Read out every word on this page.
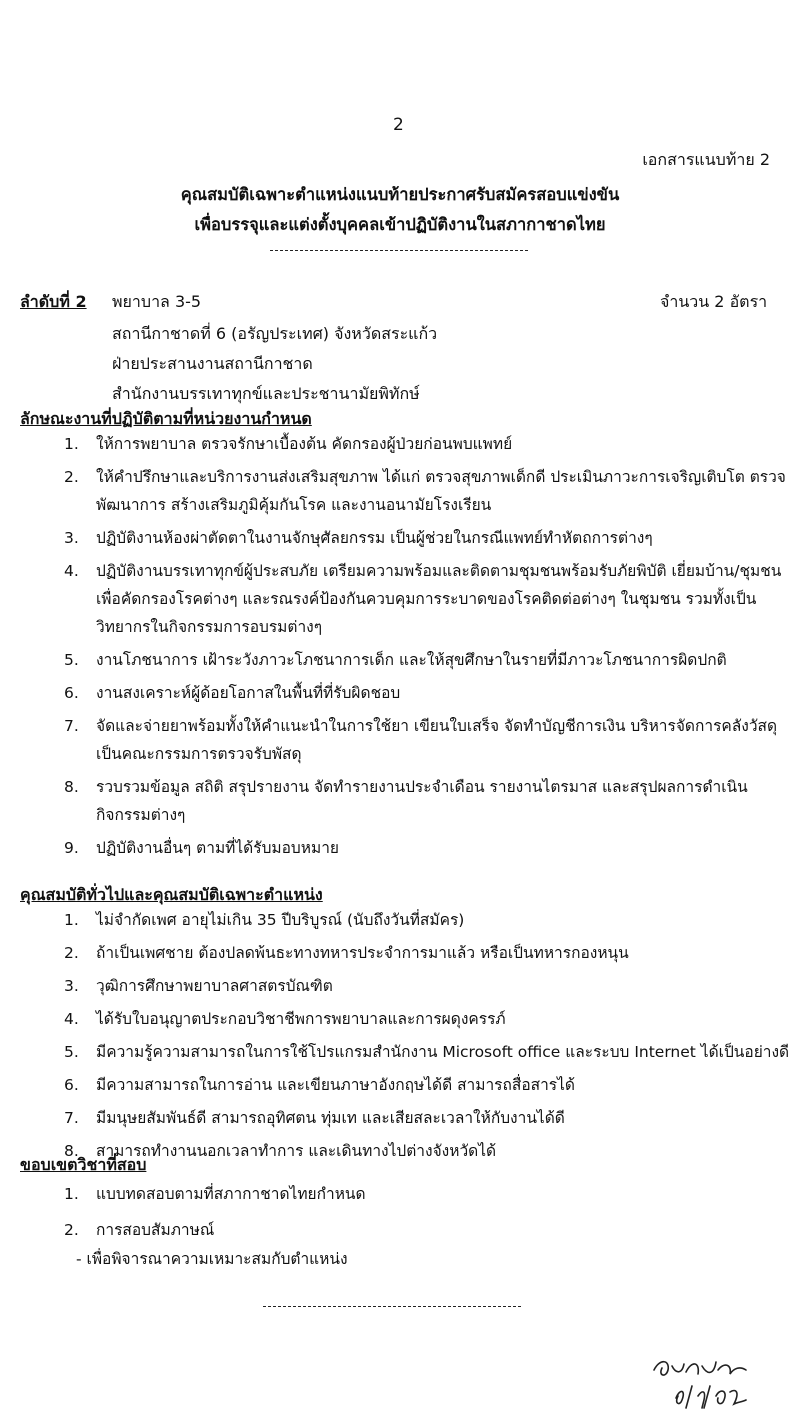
2
เอกสารแนบท้าย 2
คุณสมบัติเฉพาะตำแหน่งแนบท้ายประกาศรับสมัครสอบแข่งขัน
เพื่อบรรจุและแต่งตั้งบุคคลเข้าปฏิบัติงานในสภากาชาดไทย
ลำดับที่ 2 พยาบาล 3-5	จำนวน 2 อัตรา
สถานีกาชาดที่ 6 (อรัญประเทศ) จังหวัดสระแก้ว
ฝ่ายประสานงานสถานีกาชาด
สำนักงานบรรเทาทุกข์และประชานามัยพิทักษ์
ลักษณะงานที่ปฏิบัติตามที่หน่วยงานกำหนด
1. ให้การพยาบาล ตรวจรักษาเบื้องต้น คัดกรองผู้ป่วยก่อนพบแพทย์
2. ให้คำปรึกษาและบริการงานส่งเสริมสุขภาพ ได้แก่ ตรวจสุขภาพเด็กดี ประเมินภาวะการเจริญเติบโต ตรวจพัฒนาการ สร้างเสริมภูมิคุ้มกันโรค และงานอนามัยโรงเรียน
3. ปฏิบัติงานห้องผ่าตัดตาในงานจักษุศัลยกรรม เป็นผู้ช่วยในกรณีแพทย์ทำหัตถการต่างๆ
4. ปฏิบัติงานบรรเทาทุกข์ผู้ประสบภัย เตรียมความพร้อมและติดตามชุมชนพร้อมรับภัยพิบัติ เยี่ยมบ้าน/ชุมชน เพื่อคัดกรองโรคต่างๆ และรณรงค์ป้องกันควบคุมการระบาดของโรคติดต่อต่างๆ ในชุมชน รวมทั้งเป็นวิทยากรในกิจกรรมการอบรมต่างๆ
5. งานโภชนาการ เฝ้าระวังภาวะโภชนาการเด็ก และให้สุขศึกษาในรายที่มีภาวะโภชนาการผิดปกติ
6. งานสงเคราะห์ผู้ด้อยโอกาสในพื้นที่ที่รับผิดชอบ
7. จัดและจ่ายยาพร้อมทั้งให้คำแนะนำในการใช้ยา เขียนใบเสร็จ จัดทำบัญชีการเงิน บริหารจัดการคลังวัสดุ เป็นคณะกรรมการตรวจรับพัสดุ
8. รวบรวมข้อมูล สถิติ สรุปรายงาน จัดทำรายงานประจำเดือน รายงานไตรมาส และสรุปผลการดำเนินกิจกรรมต่างๆ
9. ปฏิบัติงานอื่นๆ ตามที่ได้รับมอบหมาย
คุณสมบัติทั่วไปและคุณสมบัติเฉพาะตำแหน่ง
1. ไม่จำกัดเพศ อายุไม่เกิน 35 ปีบริบูรณ์ (นับถึงวันที่สมัคร)
2. ถ้าเป็นเพศชาย ต้องปลดพ้นธะทางทหารประจำการมาแล้ว หรือเป็นทหารกองหนุน
3. วุฒิการศึกษาพยาบาลศาสตรบัณฑิต
4. ได้รับใบอนุญาตประกอบวิชาชีพการพยาบาลและการผดุงครรภ์
5. มีความรู้ความสามารถในการใช้โปรแกรมสำนักงาน Microsoft office และระบบ Internet ได้เป็นอย่างดี
6. มีความสามารถในการอ่าน และเขียนภาษาอังกฤษได้ดี สามารถสื่อสารได้
7. มีมนุษยสัมพันธ์ดี สามารถอุทิศตน ทุ่มเท และเสียสละเวลาให้กับงานได้ดี
8. สามารถทำงานนอกเวลาทำการ และเดินทางไปต่างจังหวัดได้
ขอบเขตวิชาที่สอบ
1. แบบทดสอบตามที่สภากาชาดไทยกำหนด
2. การสอบสัมภาษณ์
- เพื่อพิจารณาความเหมาะสมกับตำแหน่ง
